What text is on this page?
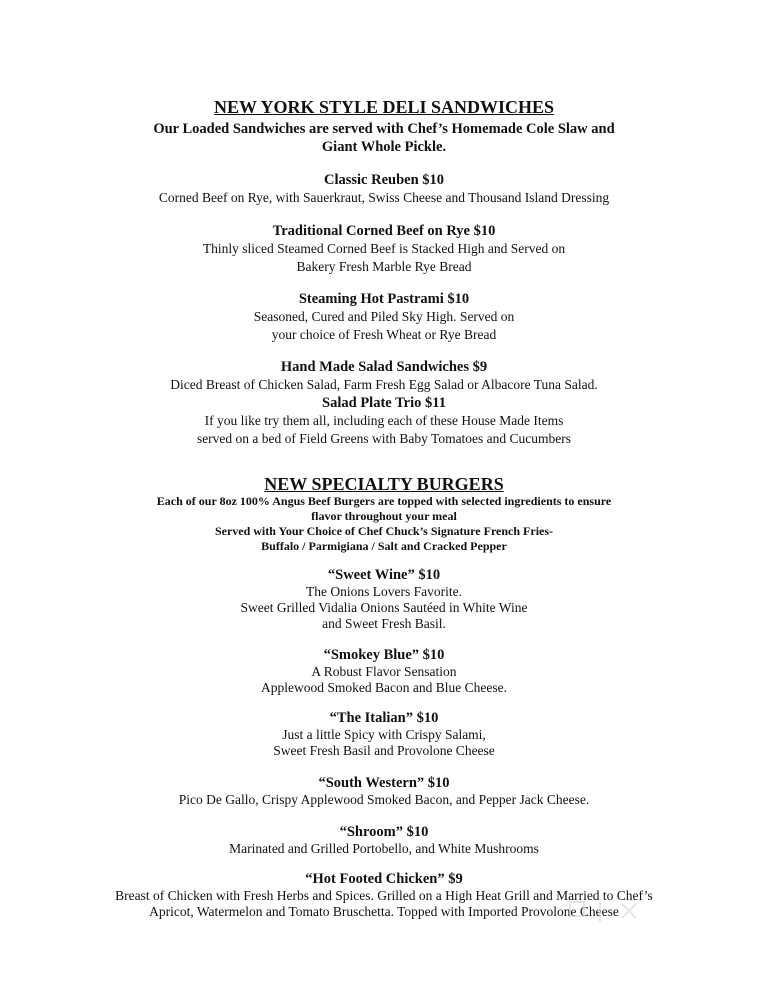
NEW YORK STYLE DELI SANDWICHES
Our Loaded Sandwiches are served with Chef’s Homemade Cole Slaw and
Giant Whole Pickle.
Classic Reuben $10
Corned Beef on Rye, with Sauerkraut, Swiss Cheese and Thousand Island Dressing
Traditional Corned Beef on Rye $10
Thinly sliced Steamed Corned Beef is Stacked High and Served on
Bakery Fresh Marble Rye Bread
Steaming Hot Pastrami $10
Seasoned, Cured and Piled Sky High. Served on
your choice of Fresh Wheat or Rye Bread
Hand Made Salad Sandwiches $9
Diced Breast of Chicken Salad, Farm Fresh Egg Salad or Albacore Tuna Salad.
Salad Plate Trio $11
If you like try them all, including each of these House Made Items
served on a bed of Field Greens with Baby Tomatoes and Cucumbers
NEW SPECIALTY BURGERS
Each of our 8oz 100% Angus Beef Burgers are topped with selected ingredients to ensure
flavor throughout your meal
Served with Your Choice of Chef Chuck’s Signature French Fries-
Buffalo / Parmigiana / Salt and Cracked Pepper
“Sweet Wine” $10
The Onions Lovers Favorite.
Sweet Grilled Vidalia Onions Sautéed in White Wine
and Sweet Fresh Basil.
“Smokey Blue” $10
A Robust Flavor Sensation
Applewood Smoked Bacon and Blue Cheese.
“The Italian” $10
Just a little Spicy with Crispy Salami,
Sweet Fresh Basil and Provolone Cheese
“South Western” $10
Pico De Gallo, Crispy Applewood Smoked Bacon, and Pepper Jack Cheese.
“Shroom” $10
Marinated and Grilled Portobello, and White Mushrooms
“Hot Footed Chicken” $9
Breast of Chicken with Fresh Herbs and Spices. Grilled on a High Heat Grill and Married to Chef’s
Apricot, Watermelon and Tomato Bruschetta. Topped with Imported Provolone Cheese
